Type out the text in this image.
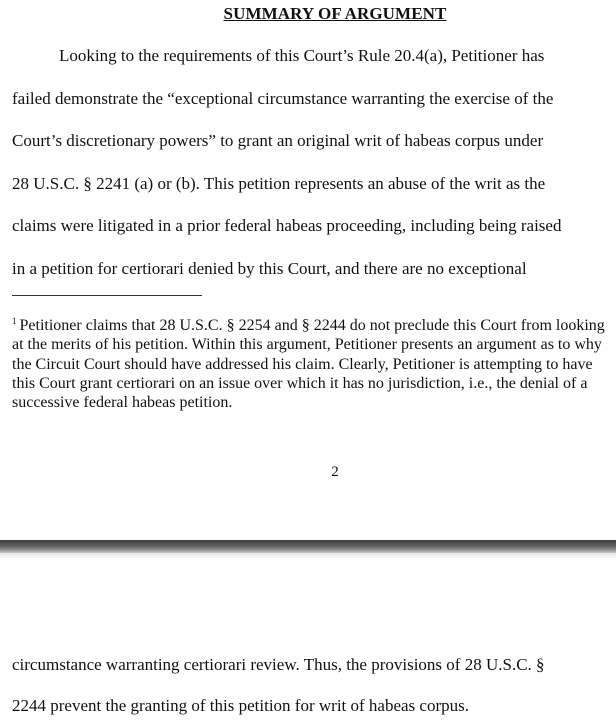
SUMMARY OF ARGUMENT
Looking to the requirements of this Court’s Rule 20.4(a), Petitioner has
failed demonstrate the “exceptional circumstance warranting the exercise of the
Court’s discretionary powers” to grant an original writ of habeas corpus under
28 U.S.C. § 2241 (a) or (b). This petition represents an abuse of the writ as the
claims were litigated in a prior federal habeas proceeding, including being raised
in a petition for certiorari denied by this Court, and there are no exceptional
$^1$ Petitioner claims that 28 U.S.C. § 2254 and § 2244 do not preclude this Court from looking at the merits of his petition. Within this argument, Petitioner presents an argument as to why the Circuit Court should have addressed his claim. Clearly, Petitioner is attempting to have this Court grant certiorari on an issue over which it has no jurisdiction, i.e., the denial of a successive federal habeas petition.
2
circumstance warranting certiorari review. Thus, the provisions of 28 U.S.C. §
2244 prevent the granting of this petition for writ of habeas corpus.
